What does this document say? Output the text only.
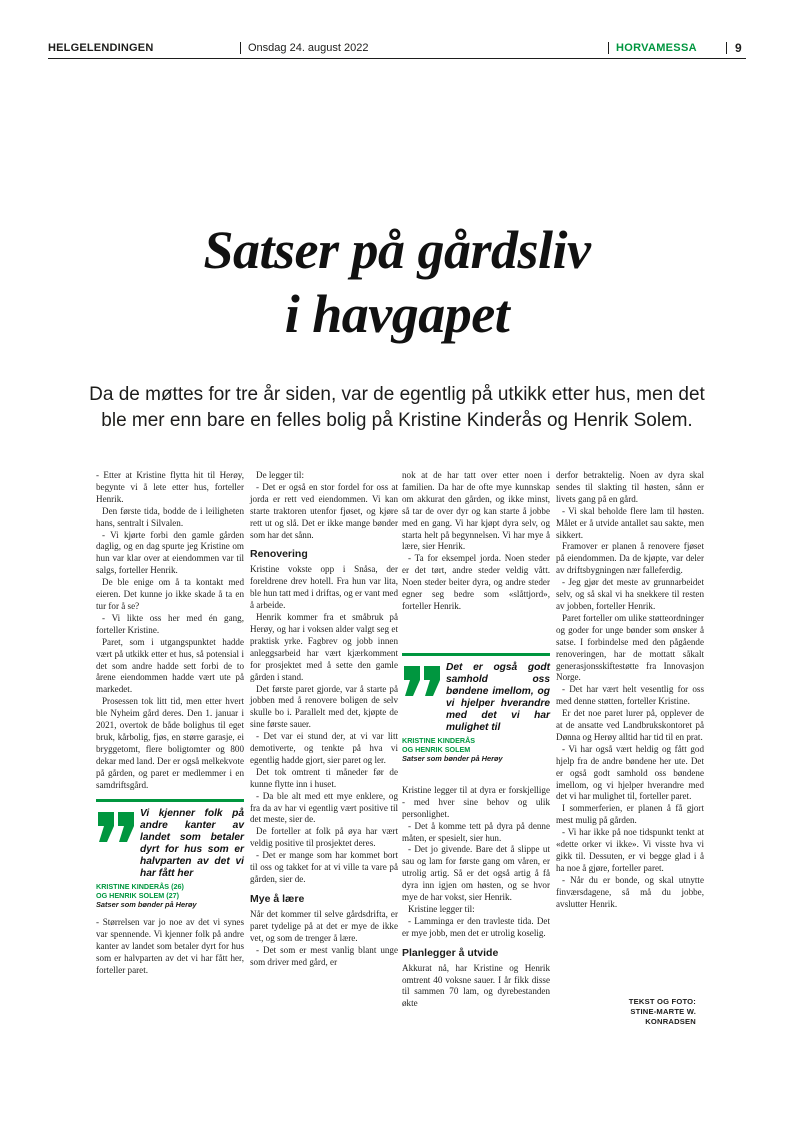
HELGELENDINGEN	Onsdag 24. august 2022	HORVAMESSA	9
Satser på gårdsliv
i havgapet

Da de møttes for tre år siden, var de egentlig på utkikk etter hus, men det ble mer enn bare en felles bolig på Kristine Kinderås og Henrik Solem.

- Etter at Kristine flytta hit til Herøy, begynte vi å lete etter hus, forteller Henrik.

Den første tida, bodde de i leiligheten hans, sentralt i Silvalen.

- Vi kjørte forbi den gamle gården daglig, og en dag spurte jeg Kristine om hun var klar over at eiendommen var til salgs, forteller Henrik.

De ble enige om å ta kontakt med eieren. Det kunne jo ikke skade å ta en tur for å se?

- Vi likte oss her med én gang, forteller Kristine.

Paret, som i utgangspunktet hadde vært på utkikk etter et hus, så potensial i det som andre hadde sett forbi de to årene eiendommen hadde vært ute på markedet.

Prosessen tok litt tid, men etter hvert ble Nyheim gård deres. Den 1. januar i 2021, overtok de både bolighus til eget bruk, kårbolig, fjøs, en større garasje, ei bryggetomt, flere boligtomter og 800 dekar med land. Der er også melkekvote på gården, og paret er medlemmer i en samdriftsgård.

Vi kjenner folk på andre kanter av landet som betaler dyrt for hus som er halvparten av det vi har fått her
KRISTINE KINDERÅS (26)
OG HENRIK SOLEM (27)
Satser som bønder på Herøy

- Størrelsen var jo noe av det vi synes var spennende. Vi kjenner folk på andre kanter av landet som betaler dyrt for hus som er halvparten av det vi har fått her, forteller paret.

De legger til:

- Det er også en stor fordel for oss at jorda er rett ved eiendommen. Vi kan starte traktoren utenfor fjøset, og kjøre rett ut og slå. Det er ikke mange bønder som har det sånn.

Renovering

Kristine vokste opp i Snåsa, der foreldrene drev hotell. Fra hun var lita, ble hun tatt med i driftas, og er vant med å arbeide.

Henrik kommer fra et småbruk på Herøy, og har i voksen alder valgt seg et praktisk yrke. Fagbrev og jobb innen anleggsarbeid har vært kjærkomment for prosjektet med å sette den gamle gården i stand.

Det første paret gjorde, var å starte på jobben med å renovere boligen de selv skulle bo i. Parallelt med det, kjøpte de sine første sauer.

- Det var ei stund der, at vi var litt demotiverte, og tenkte på hva vi egentlig hadde gjort, sier paret og ler.

Det tok omtrent ti måneder før de kunne flytte inn i huset.

- Da ble alt med ett mye enklere, og fra da av har vi egentlig vært positive til det meste, sier de.

De forteller at folk på øya har vært veldig positive til prosjektet deres.

- Det er mange som har kommet bort til oss og takket for at vi ville ta vare på gården, sier de.

Mye å lære

Når det kommer til selve gårdsdrifta, er paret tydelige på at det er mye de ikke vet, og som de trenger å lære.

- Det som er mest vanlig blant unge som driver med gård, er

nok at de har tatt over etter noen i familien. Da har de ofte mye kunnskap om akkurat den gården, og ikke minst, så tar de over dyr og kan starte å jobbe med en gang. Vi har kjøpt dyra selv, og starta helt på begynnelsen. Vi har mye å lære, sier Henrik.

- Ta for eksempel jorda. Noen steder er det tørt, andre steder veldig vått. Noen steder beiter dyra, og andre steder egner seg bedre som «slåttjord», forteller Henrik.

Det er også godt samhold oss bøndene imellom, og vi hjelper hverandre med det vi har mulighet til
KRISTINE KINDERÅS
OG HENRIK SOLEM
Satser som bønder på Herøy

Kristine legger til at dyra er forskjellige - med hver sine behov og ulik personlighet.

- Det å komme tett på dyra på denne måten, er spesielt, sier hun.

- Det jo givende. Bare det å slippe ut sau og lam for første gang om våren, er utrolig artig. Så er det også artig å få dyra inn igjen om høsten, og se hvor mye de har vokst, sier Henrik.

Kristine legger til:

- Lamminga er den travleste tida. Det er mye jobb, men det er utrolig koselig.

Planlegger å utvide

Akkurat nå, har Kristine og Henrik omtrent 40 voksne sauer. I år fikk disse til sammen 70 lam, og dyrebestanden økte

derfor betraktelig. Noen av dyra skal sendes til slakting til høsten, sånn er livets gang på en gård.

- Vi skal beholde flere lam til høsten. Målet er å utvide antallet sau sakte, men sikkert.

Framover er planen å renovere fjøset på eiendommen. Da de kjøpte, var deler av driftsbygningen nær falleferdig.

- Jeg gjør det meste av grunnarbeidet selv, og så skal vi ha snekkere til resten av jobben, forteller Henrik.

Paret forteller om ulike støtteordninger og goder for unge bønder som ønsker å satse. I forbindelse med den pågående renoveringen, har de mottatt såkalt generasjonsskiftestøtte fra Innovasjon Norge.

- Det har vært helt vesentlig for oss med denne støtten, forteller Kristine.

Er det noe paret lurer på, opplever de at de ansatte ved Landbrukskontoret på Dønna og Herøy alltid har tid til en prat.

- Vi har også vært heldig og fått god hjelp fra de andre bøndene her ute. Det er også godt samhold oss bøndene imellom, og vi hjelper hverandre med det vi har mulighet til, forteller paret.

I sommerferien, er planen å få gjort mest mulig på gården.

- Vi har ikke på noe tidspunkt tenkt at «dette orker vi ikke». Vi visste hva vi gikk til. Dessuten, er vi begge glad i å ha noe å gjøre, forteller paret.

- Når du er bonde, og skal utnytte finværsdagene, så må du jobbe, avslutter Henrik.

TEKST OG FOTO:
STINE-MARTE W. KONRADSEN
